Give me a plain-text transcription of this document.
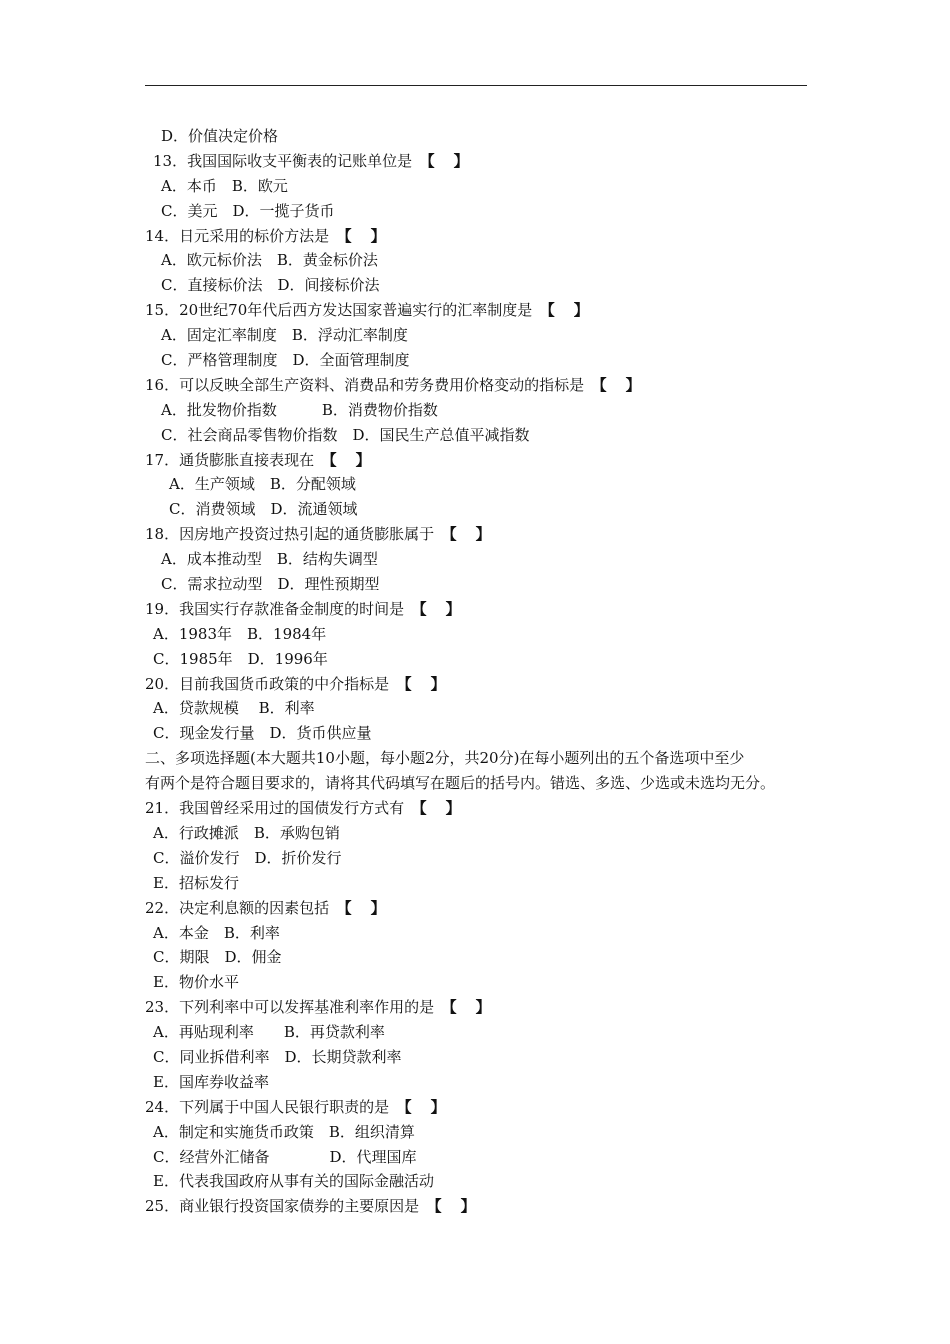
D．价值决定价格
13．我国国际收支平衡表的记账单位是　【　】
A．本币　B．欧元
C．美元　D．一揽子货币
14．日元采用的标价方法是　【　】
A．欧元标价法　B．黄金标价法
C．直接标价法　D．间接标价法
15．20世纪70年代后西方发达国家普遍实行的汇率制度是　【　】
A．固定汇率制度　B．浮动汇率制度
C．严格管理制度　D．全面管理制度
16．可以反映全部生产资料、消费品和劳务费用价格变动的指标是　【　】
A．批发物价指数　　　B．消费物价指数
C．社会商品零售物价指数　D．国民生产总值平减指数
17．通货膨胀直接表现在　【　】
A．生产领域　B．分配领域
C．消费领域　D．流通领域
18．因房地产投资过热引起的通货膨胀属于　【　】
A．成本推动型　B．结构失调型
C．需求拉动型　D．理性预期型
19．我国实行存款准备金制度的时间是　【　】
A．1983年　B．1984年
C．1985年　D．1996年
20．目前我国货币政策的中介指标是　【　】
A．贷款规模　 B．利率
C．现金发行量　D．货币供应量
二、多项选择题(本大题共10小题，每小题2分，共20分)在每小题列出的五个备选项中至少
有两个是符合题目要求的，请将其代码填写在题后的括号内。错选、多选、少选或未选均无分。
21．我国曾经采用过的国债发行方式有　【　】
A．行政摊派　B．承购包销
C．溢价发行　D．折价发行
E．招标发行
22．决定利息额的因素包括　【　】
A．本金　B．利率
C．期限　D．佣金
E．物价水平
23．下列利率中可以发挥基准利率作用的是　【　】
A．再贴现利率　　B．再贷款利率
C．同业拆借利率　D．长期贷款利率
E．国库券收益率
24．下列属于中国人民银行职责的是　【　】
A．制定和实施货币政策　B．组织清算
C．经营外汇储备　　　　D．代理国库
E．代表我国政府从事有关的国际金融活动
25．商业银行投资国家债券的主要原因是　【　】
